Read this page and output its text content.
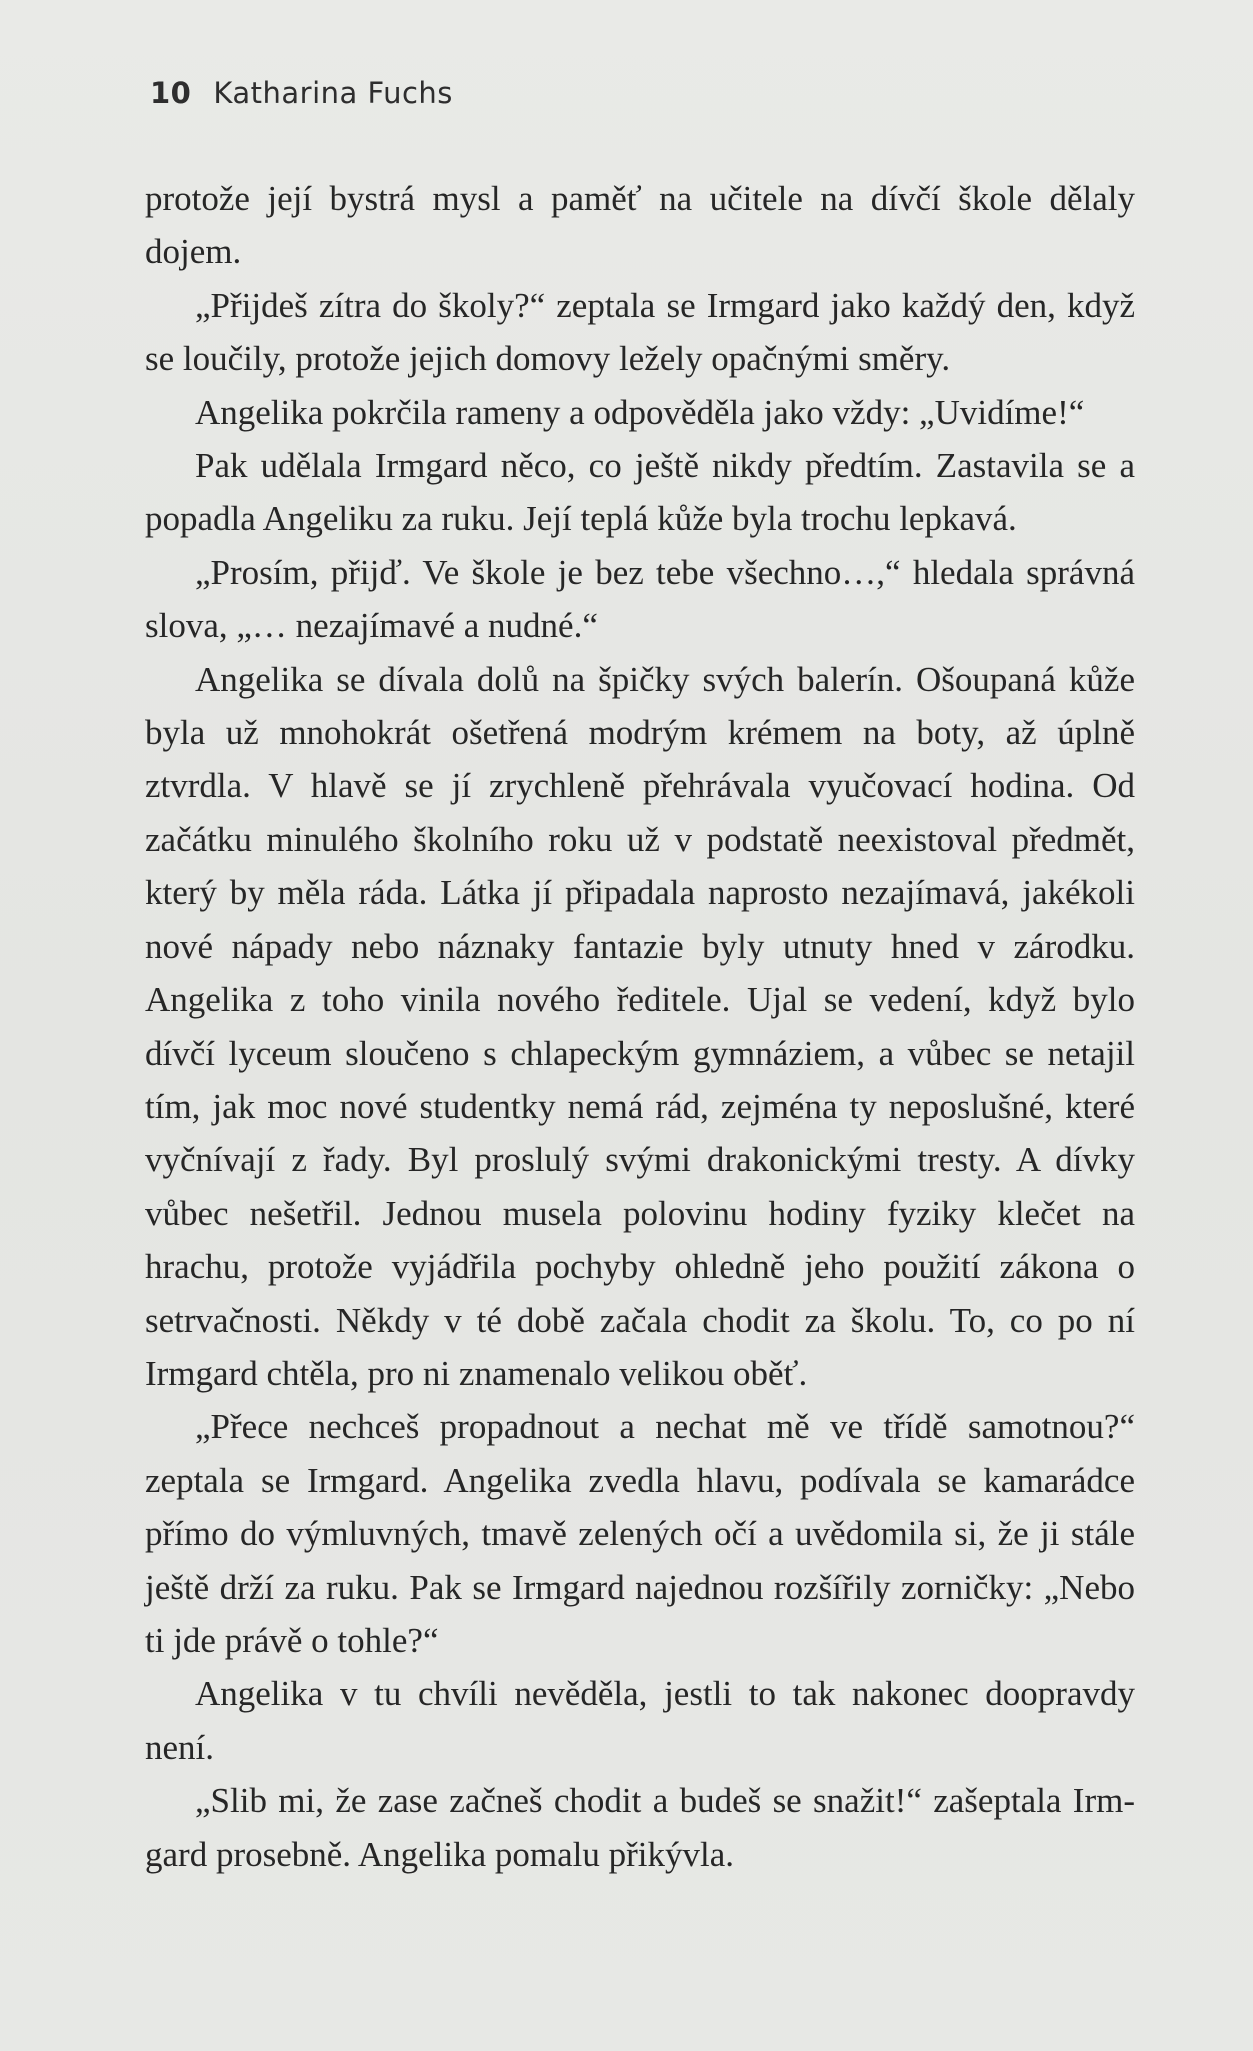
10 Katharina Fuchs

protože její bystrá mysl a paměť na učitele na dívčí škole dělaly dojem.

„Přijdeš zítra do školy?“ zeptala se Irmgard jako každý den, když se loučily, protože jejich domovy ležely opačnými směry.

Angelika pokrčila rameny a odpověděla jako vždy: „Uvidíme!“

Pak udělala Irmgard něco, co ještě nikdy předtím. Zastavila se a popadla Angeliku za ruku. Její teplá kůže byla trochu lepkavá.

„Prosím, přijď. Ve škole je bez tebe všechno…,“ hledala správná slova, „… nezajímavé a nudné.“

Angelika se dívala dolů na špičky svých balerín. Ošoupaná kůže byla už mnohokrát ošetřená modrým krémem na boty, až úplně ztvrdla. V hlavě se jí zrychleně přehrávala vyučovací hodina. Od začátku minulého školního roku už v podstatě neexistoval předmět, který by měla ráda. Látka jí připadala naprosto nezajímavá, jakékoli nové nápady nebo náznaky fantazie byly utnuty hned v zárodku. Angelika z toho vinila nového ředitele. Ujal se vedení, když bylo dívčí lyceum sloučeno s chlapeckým gymnáziem, a vůbec se netajil tím, jak moc nové studentky nemá rád, zejména ty neposlušné, které vyčnívají z řady. Byl proslulý svými drakonickými tresty. A dívky vůbec nešetřil. Jednou musela polovinu hodiny fyziky klečet na hrachu, protože vyjádřila pochyby ohledně jeho použití zákona o setrvačnosti. Někdy v té době začala chodit za školu. To, co po ní Irmgard chtěla, pro ni znamenalo velikou oběť.

„Přece nechceš propadnout a nechat mě ve třídě samotnou?“ zeptala se Irmgard. Angelika zvedla hlavu, podívala se kamarádce přímo do výmluvných, tmavě zelených očí a uvědomila si, že ji stále ještě drží za ruku. Pak se Irmgard najednou rozšířily zorničky: „Nebo ti jde právě o tohle?“

Angelika v tu chvíli nevěděla, jestli to tak nakonec doopravdy není.

„Slib mi, že zase začneš chodit a budeš se snažit!“ zašeptala Irmgard prosebně. Angelika pomalu přikývla.
